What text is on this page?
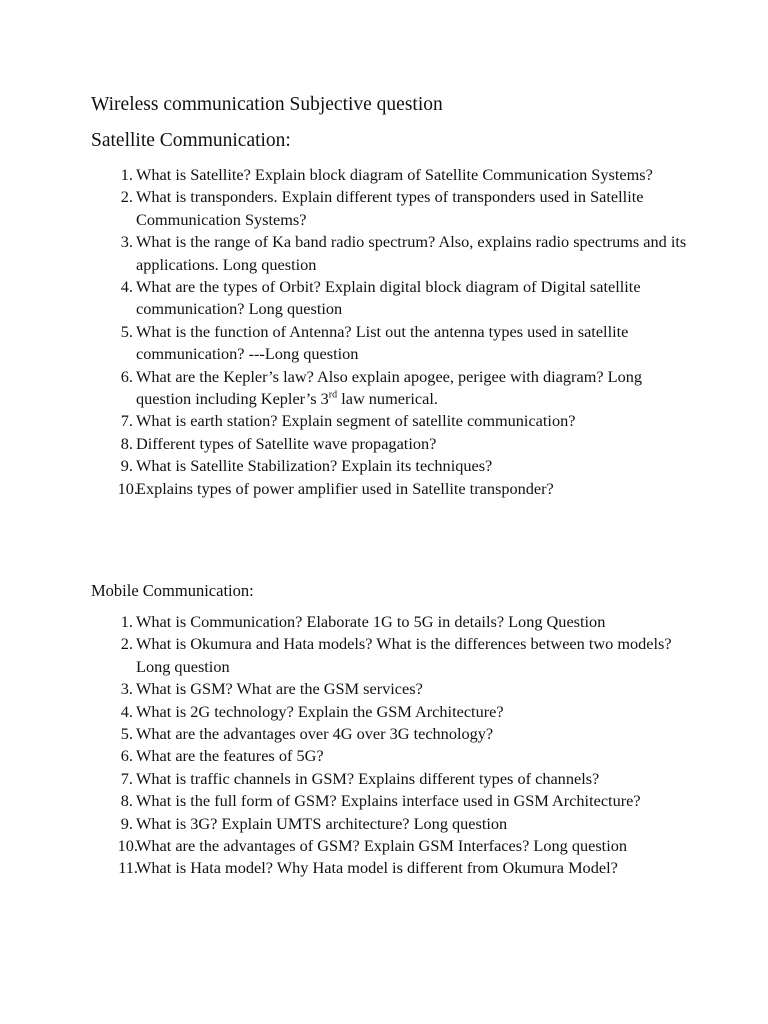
Wireless communication Subjective question
Satellite Communication:
1. What is Satellite? Explain block diagram of Satellite Communication Systems?
2. What is transponders. Explain different types of transponders used in Satellite Communication Systems?
3. What is the range of Ka band radio spectrum? Also, explains radio spectrums and its applications. Long question
4. What are the types of Orbit? Explain digital block diagram of Digital satellite communication? Long question
5. What is the function of Antenna? List out the antenna types used in satellite communication? ---Long question
6. What are the Kepler’s law? Also explain apogee, perigee with diagram? Long question including Kepler’s 3rd law numerical.
7. What is earth station? Explain segment of satellite communication?
8. Different types of Satellite wave propagation?
9. What is Satellite Stabilization? Explain its techniques?
10.
Explains types of power amplifier used in Satellite transponder?
Mobile Communication:
1. What is Communication? Elaborate 1G to 5G in details? Long Question
2. What is Okumura and Hata models? What is the differences between two models? Long question
3. What is GSM? What are the GSM services?
4. What is 2G technology? Explain the GSM Architecture?
5. What are the advantages over 4G over 3G technology?
6. What are the features of 5G?
7. What is traffic channels in GSM? Explains different types of channels?
8. What is the full form of GSM? Explains interface used in GSM Architecture?
9. What is 3G? Explain UMTS architecture? Long question
10.
What are the advantages of GSM? Explain GSM Interfaces? Long question
11.
What is Hata model? Why Hata model is different from Okumura Model?
